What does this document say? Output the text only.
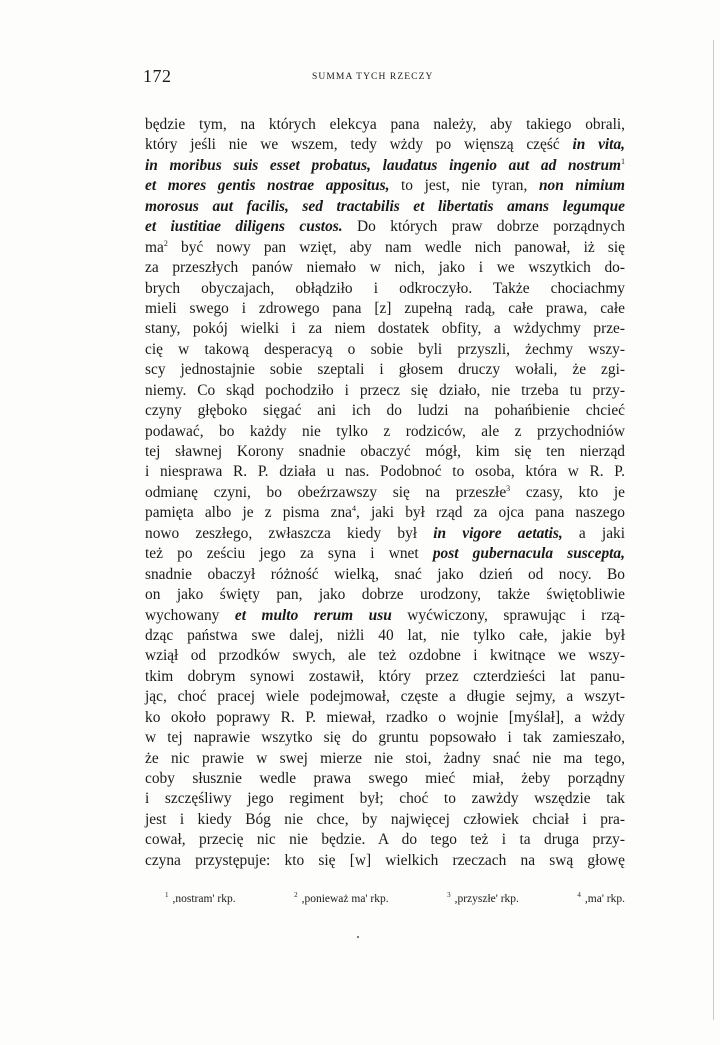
172	SUMMA TYCH RZECZY
będzie tym, na których elekcya pana należy, aby takiego obrali,
który jeśli nie we wszem, tedy wżdy po więnszą część in vita,
in moribus suis esset probatus, laudatus ingenio aut ad nostrum$^1$
et mores gentis nostrae appositus, to jest, nie tyran, non nimium
morosus aut facilis, sed tractabilis et libertatis amans legumque
et iustitiae diligens custos. Do których praw dobrze porządnych
$ma^2$ być nowy pan wzięt, aby nam wedle nich panował, iż się
za przeszłych panów niemało w nich, jako i we wszytkich do-
brych obyczajach, obłądziło i odkroczyło. Także chociachmy
mieli swego i zdrowego pana [z] zupełną radą, całe prawa, całe
stany, pokój wielki i za niem dostatek obfity, a wżdychmy prze-
cię w takową desperacyą o sobie byli przyszli, żechmy wszy-
scy jednostajnie sobie szeptali i głosem druczy wołali, że zgi-
niemy. Co skąd pochodziło i przecz się działo, nie trzeba tu przy-
czyny głęboko sięgać ani ich do ludzi na pohańbienie chcieć
podawać, bo każdy nie tylko z rodziców, ale z przychodniów
tej sławnej Korony snadnie obaczyć mógł, kim się ten nierząd
i niesprawa R. P. działa u nas. Podobnoć to osoba, która w R. P.
odmianę czyni, bo obeźrzawszy się na przeszłe$^3$ czasy, kto je
pamięta albo je z pisma zna$^4$, jaki był rząd za ojca pana naszego
nowo zeszłego, zwłaszcza kiedy był in vigore aetatis, a jaki
też po ześciu jego za syna i wnet post gubernacula suscepta,
snadnie obaczył różność wielką, snać jako dzień od nocy. Bo
on jako święty pan, jako dobrze urodzony, także świętobliwie
wychowany et multo rerum usu wyćwiczony, sprawując i rzą-
dząc państwa swe dalej, niżli 40 lat, nie tylko całe, jakie był
wziął od przodków swych, ale też ozdobne i kwitnące we wszy-
tkim dobrym synowi zostawił, który przez czterdzieści lat panu-
jąc, choć pracej wiele podejmował, częste a długie sejmy, a wszyt-
ko około poprawy R. P. miewał, rzadko o wojnie [myślał], a wżdy
w tej naprawie wszytko się do gruntu popsowało i tak zamieszało,
że nic prawie w swej mierze nie stoi, żadny snać nie ma tego,
coby słusznie wedle prawa swego mieć miał, żeby porządny
i szczęśliwy jego regiment był; choć to zawżdy wszędzie tak
jest i kiedy Bóg nie chce, by najwięcej człowiek chciał i pra-
cował, przecię nic nie będzie. A do tego też i ta druga przy-
czyna przystępuje: kto się [w] wielkich rzeczach na swą głowę
$^1$ ,nostram' rkp.	$^2$ ,ponieważ ma' rkp.	$^3$ ,przyszłe' rkp.	$^4$ ,ma' rkp.
